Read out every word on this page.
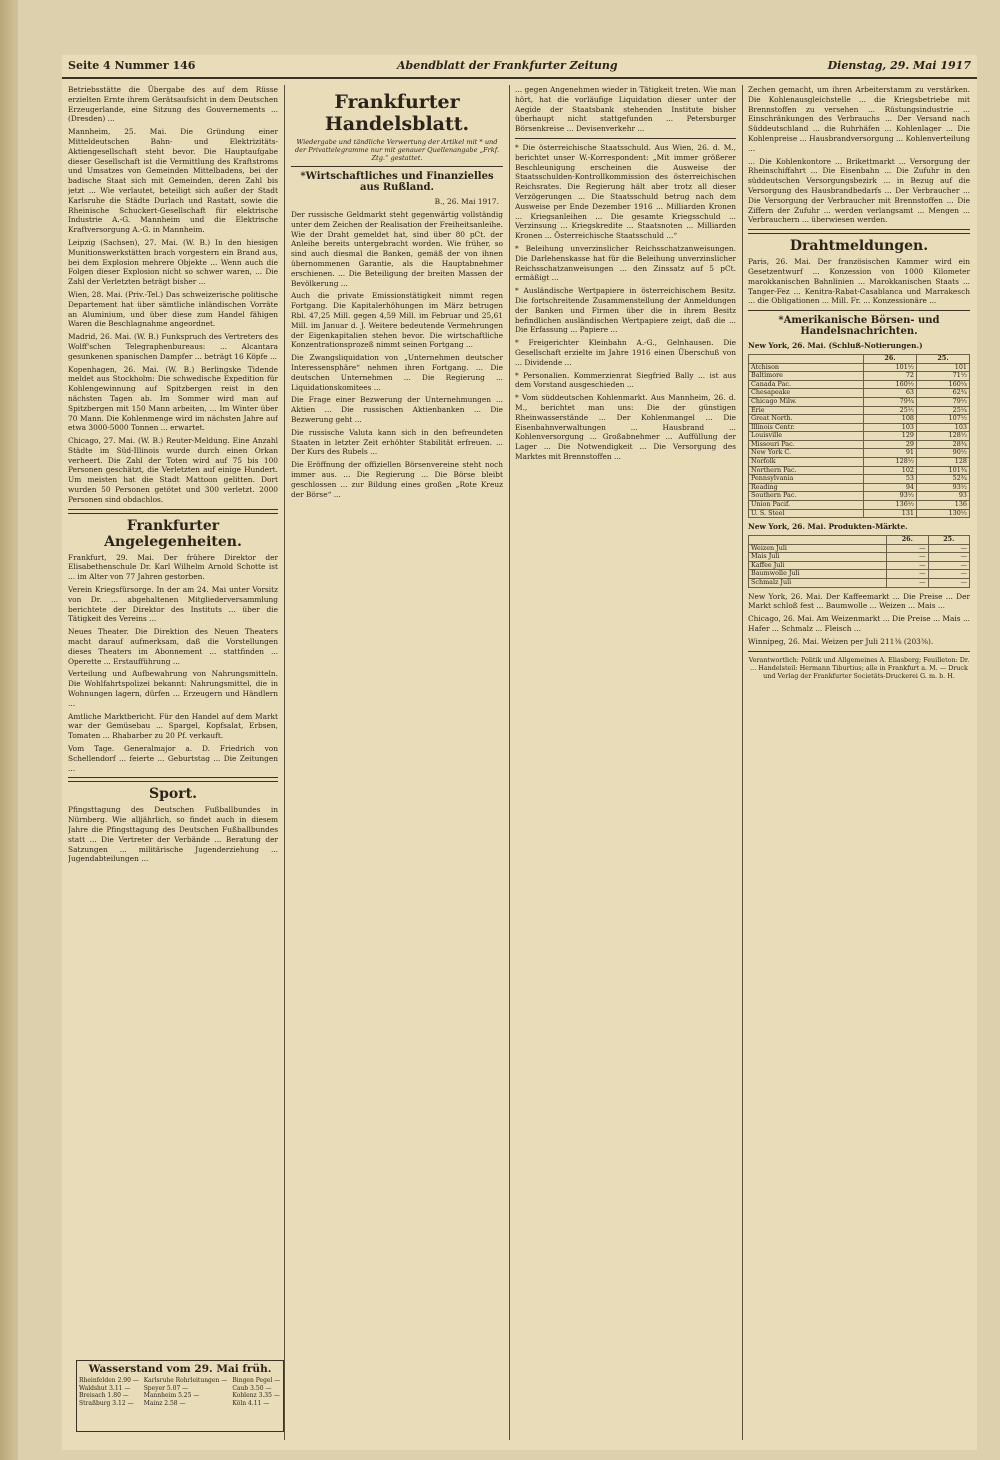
Seite 4 Nummer 146	Abendblatt der Frankfurter Zeitung	Dienstag, 29. Mai 1917

Betriebsstätte die Übergabe des auf dem Rüsse erzielten Ernte ihrem Gerätsaufsicht in dem Deutschen Erzeugerlande, eine Sitzung des Gouvernements ... (Dresden) ...

Mannheim, 25. Mai. Die Gründung einer Mitteldeutschen Bahn- und Elektrizitäts-Aktiengesellschaft steht bevor. Die Hauptaufgabe dieser Gesellschaft ist die Vermittlung des Kraftstroms und Umsatzes von Gemeinden Mittelbadens, bei der badische Staat sich mit Gemeinden, deren Zahl bis jetzt ... Wie verlautet, beteiligt sich außer der Stadt Karlsruhe die Städte Durlach und Rastatt, sowie die Rheinische Schuckert-Gesellschaft für elektrische Industrie A.-G. Mannheim und die Elektrische Kraftversorgung A.-G. in Mannheim.

Leipzig (Sachsen), 27. Mai. (W. B.) In den hiesigen Munitionswerkstätten brach vorgestern ein Brand aus, bei dem Explosion mehrere Objekte ... Wenn auch die Folgen dieser Explosion nicht so schwer waren, ... Die Zahl der Verletzten beträgt bisher ...

Wien, 28. Mai. (Priv.-Tel.) Das schweizerische politische Departement hat über sämtliche inländischen Vorräte an Aluminium, und über diese zum Handel fähigen Waren die Beschlagnahme angeordnet.

Madrid, 26. Mai. (W. B.) Funkspruch des Vertreters des Wolff'schen Telegraphenbureaus: ... Alcantara gesunkenen spanischen Dampfer ... beträgt 16 Köpfe ...

Kopenhagen, 26. Mai. (W. B.) Berlingske Tidende meldet aus Stockholm: Die schwedische Expedition für Kohlengewinnung auf Spitzbergen reist in den nächsten Tagen ab. Im Sommer wird man auf Spitzbergen mit 150 Mann arbeiten, ... Im Winter über 70 Mann. Die Kohlenmenge wird im nächsten Jahre auf etwa 3000-5000 Tonnen ... erwartet.

Chicago, 27. Mai. (W. B.) Reuter-Meldung. Eine Anzahl Städte im Süd-Illinois wurde durch einen Orkan verheert. Die Zahl der Toten wird auf 75 bis 100 Personen geschätzt, die Verletzten auf einige Hundert. Um meisten hat die Stadt Mattoon gelitten. Dort wurden 50 Personen getötet und 300 verletzt. 2000 Personen sind obdachlos.

Frankfurter Angelegenheiten.

Frankfurt, 29. Mai. Der frühere Direktor der Elisabethenschule Dr. Karl Wilhelm Arnold Schotte ist ... im Alter von 77 Jahren gestorben.

Verein Kriegsfürsorge. In der am 24. Mai unter Vorsitz von Dr. ... abgehaltenen Mitgliederversammlung berichtete der Direktor des Instituts ... über die Tätigkeit des Vereins ...

Neues Theater. Die Direktion des Neuen Theaters macht darauf aufmerksam, daß die Vorstellungen dieses Theaters im Abonnement ... stattfinden ... Operette ... Erstaufführung ...

Verteilung und Aufbewahrung von Nahrungsmitteln. Die Wohlfahrtspolizei bekannt: Nahrungsmittel, die in Wohnungen lagern, dürfen ... Erzeugern und Händlern ...

Amtliche Marktbericht. Für den Handel auf dem Markt war der Gemüsebau ... Spargel, Kopfsalat, Erbsen, Tomaten ... Rhabarber zu 20 Pf. verkauft.

Vom Tage. Generalmajor a. D. Friedrich von Schellendorf ... feierte ... Geburtstag ... Die Zeitungen ...

Sport.

Pfingsttagung des Deutschen Fußballbundes in Nürnberg. Wie alljährlich, so findet auch in diesem Jahre die Pfingsttagung des Deutschen Fußballbundes statt ... Die Vertreter der Verbände ... Beratung der Satzungen ... militärische Jugenderziehung ... Jugendabteilungen ...

Wasserstand vom 29. Mai früh.
Rheinfelden 2.90 —	Karlsruhe Rohrleitungen —	Bingen Pegel —
Waldshut 3.11 —	Speyer 5.07 —	Caub 3.50 —
Breisach 1.80 —	Mannheim 5.25 —	Koblenz 3.35 —
Straßburg 3.12 —	Mainz 2.58 —	Köln 4.11 —
Frankfurter Handelsblatt.
Wiedergabe und tändliche Verwertung der Artikel mit * und der Privattelegramme nur mit genauer Quellenangabe „Frkf. Ztg.“ gestattet.
*Wirtschaftliches und Finanzielles aus Rußland.
B., 26. Mai 1917.

Der russische Geldmarkt steht gegenwärtig vollständig unter dem Zeichen der Realisation der Freiheitsanleihe. Wie der Draht gemeldet hat, sind über 80 pCt. der Anleihe bereits untergebracht worden. Wie früher, so sind auch diesmal die Banken, gemäß der von ihnen übernommenen Garantie, als die Hauptabnehmer erschienen. ... Die Beteiligung der breiten Massen der Bevölkerung ...

Auch die private Emissionstätigkeit nimmt regen Fortgang. Die Kapitalerhöhungen im März betrugen Rbl. 47,25 Mill. gegen 4,59 Mill. im Februar und 25,61 Mill. im Januar d. J. Weitere bedeutende Vermehrungen der Eigenkapitalien stehen bevor. Die wirtschaftliche Konzentrationsprozeß nimmt seinen Fortgang ...

Die Zwangsliquidation von „Unternehmen deutscher Interessensphäre“ nehmen ihren Fortgang. ... Die deutschen Unternehmen ... Die Regierung ... Liquidationskomitees ...

Die Frage einer Bezwerung der Unternehmungen ... Aktien ... Die russischen Aktienbanken ... Die Bezwerung geht ...

Die russische Valuta kann sich in den befreundeten Staaten in letzter Zeit erhöhter Stabilität erfreuen. ... Der Kurs des Rubels ...

Die Eröffnung der offiziellen Börsenvereine steht noch immer aus. ... Die Regierung ... Die Börse bleibt geschlossen ... zur Bildung eines großen „Rote Kreuz der Börse“ ...

... gegen Angenehmen wieder in Tätigkeit treten. Wie man hört, hat die vorläufige Liquidation dieser unter der Aegide der Staatsbank stehenden Institute bisher überhaupt nicht stattgefunden ... Petersburger Börsenkreise ... Devisenverkehr ...

* Die österreichische Staatsschuld. Aus Wien, 26. d. M., berichtet unser W.-Korrespondent: „Mit immer größerer Beschleunigung erscheinen die Ausweise der Staatsschulden-Kontrollkommission des österreichischen Reichsrates. Die Regierung hält aber trotz all dieser Verzögerungen ... Die Staatsschuld betrug nach dem Ausweise per Ende Dezember 1916 ... Milliarden Kronen ... Kriegsanleihen ... Die gesamte Kriegsschuld ... Verzinsung ... Kriegskredite ... Staatsnoten ... Milliarden Kronen ... Österreichische Staatsschuld ...“

* Beleihung unverzinslicher Reichsschatzanweisungen. Die Darlehenskasse hat für die Beleihung unverzinslicher Reichsschatzanweisungen ... den Zinssatz auf 5 pCt. ermäßigt ...

* Ausländische Wertpapiere in österreichischem Besitz. Die fortschreitende Zusammenstellung der Anmeldungen der Banken und Firmen über die in ihrem Besitz befindlichen ausländischen Wertpapiere zeigt, daß die ... Die Erfassung ... Papiere ...

* Freigerichter Kleinbahn A.-G., Gelnhausen. Die Gesellschaft erzielte im Jahre 1916 einen Überschuß von ... Dividende ...

* Personalien. Kommerzienrat Siegfried Bally ... ist aus dem Vorstand ausgeschieden ...

* Vom süddeutschen Kohlenmarkt. Aus Mannheim, 26. d. M., berichtet man uns: Die der günstigen Rheinwasserstände ... Der Kohlenmangel ... Die Eisenbahnverwaltungen ... Hausbrand ... Kohlenversorgung ... Großabnehmer ... Auffüllung der Lager ... Die Notwendigkeit ... Die Versorgung des Marktes mit Brennstoffen ...

Zechen gemacht, um ihren Arbeiterstamm zu verstärken. Die Kohlenausgleichstelle ... die Kriegsbetriebe mit Brennstoffen zu versehen ... Rüstungsindustrie ... Einschränkungen des Verbrauchs ... Der Versand nach Süddeutschland ... die Ruhrhäfen ... Kohlenlager ... Die Kohlenpreise ... Hausbrandversorgung ... Kohlenverteilung ...

... Die Kohlenkontore ... Brikettmarkt ... Versorgung der Rheinschiffahrt ... Die Eisenbahn ... Die Zufuhr in den süddeutschen Versorgungsbezirk ... in Bezug auf die Versorgung des Hausbrandbedarfs ... Der Verbraucher ... Die Versorgung der Verbraucher mit Brennstoffen ... Die Ziffern der Zufuhr ... werden verlangsamt ... Mengen ... Verbrauchern ... überwiesen werden.

Drahtmeldungen.

Paris, 26. Mai. Der französischen Kammer wird ein Gesetzentwurf ... Konzession von 1000 Kilometer marokkanischen Bahnlinien ... Marokkanischen Staats ... Tanger-Fez ... Kenitra-Rabat-Casablanca und Marrakesch ... die Obligationen ... Mill. Fr. ... Konzessionäre ...

*Amerikanische Börsen- und Handelsnachrichten.
New York, 26. Mai. (Schluß-Notierungen.)
	26.	25.
Atchison	101½	101
Baltimore	72	71½
Canada Pac.	160½	160¼
Chesapeake	63	62¾
Chicago Milw.	79¾	79½
Erie	25½	25¼
Great North.	108	107½
Illinois Centr.	103	103
Louisville	129	128½
Missouri Pac.	29	28¾
New York C.	91	90½
Norfolk	128½	128
Northern Pac.	102	101¾
Pennsylvania	53	52¾
Reading	94	93½
Southern Pac.	93½	93
Union Pacif.	136½	136
U. S. Steel	131	130½
New York, 26. Mai. Produkten-Märkte.
	26.	25.
Weizen Juli	—	—
Mais Juli	—	—
Kaffee Juli	—	—
Baumwolle Juli	—	—
Schmalz Juli	—	—

New York, 26. Mai. Der Kaffeemarkt ... Die Preise ... Der Markt schloß fest ... Baumwolle ... Weizen ... Mais ...

Chicago, 26. Mai. Am Weizenmarkt ... Die Preise ... Mais ... Hafer ... Schmalz ... Fleisch ...

Winnipeg, 26. Mai. Weizen per Juli 211⅜ (203⅜).

Verantwortlich: Politik und Allgemeines A. Eliasberg; Feuilleton: Dr. ... Handelsteil: Hermann Tiburtius; alle in Frankfurt a. M. — Druck und Verlag der Frankfurter Societäts-Druckerei G. m. b. H.
